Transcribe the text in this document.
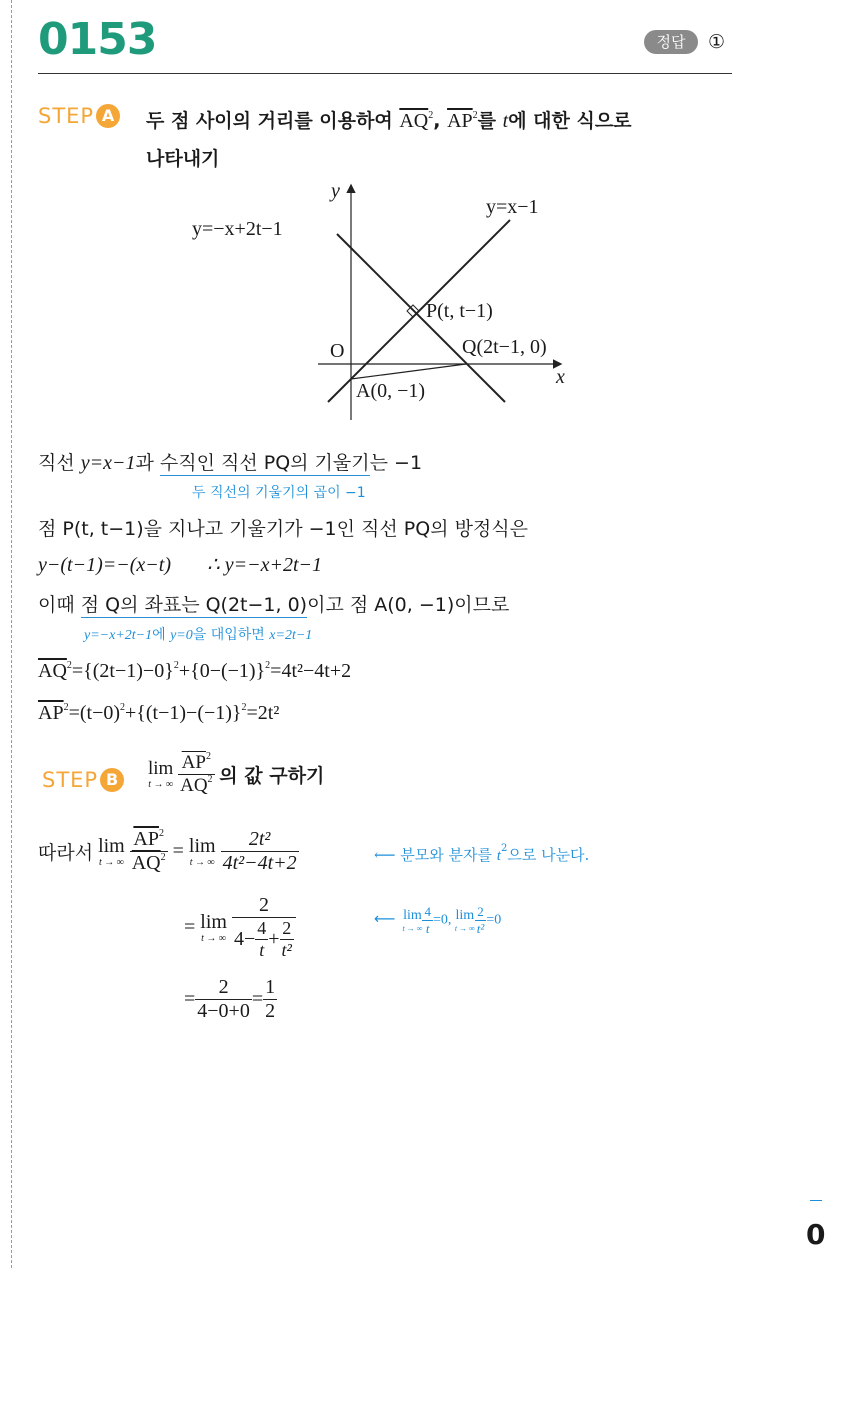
0153	정답	①
STEP A	두 점 사이의 거리를 이용하여 $\overline{AQ}^2$, $\overline{AP}^2$를 t에 대한 식으로
나타내기
y
x
O
y=x−1
y=−x+2t−1
P(t, t−1)
Q(2t−1, 0)
A(0, −1)
직선 y=x−1과 수직인 직선 PQ의 기울기는 −1
두 직선의 기울기의 곱이 −1
점 P(t, t−1)을 지나고 기울기가 −1인 직선 PQ의 방정식은
y−(t−1)=−(x−t) ∴ y=−x+2t−1
이때 점 Q의 좌표는 Q(2t−1, 0)이고 점 A(0, −1)이므로
y=−x+2t−1에 y=0을 대입하면 x=2t−1
$\overline{AQ}^2=\{(2t-1)-0\}^2+\{0-(-1)\}^2=4t^2-4t+2$
$\overline{AP}^2=(t-0)^2+\{(t-1)-(-1)\}^2=2t^2$
STEP B
lim
t → ∞
$\frac{\overline{AP}^2}{\overline{AQ}^2}$ 의 값 구하기
따라서 lim
t → ∞
$\frac{\overline{AP}^2}{\overline{AQ}^2} = \lim$
t → ∞
$\frac{\text{2t²}}{\text{4t²−4t+2}}$	⟵ 분모와 분자를 $t^2$으로 나눈다.
= lim
t → ∞
$\frac{2}{4- \frac{4}{t} + \frac{2}{\text{t²}}}$	⟵ lim
t → ∞ $\frac{4}{t} =0$, lim
t → ∞ $\frac{2}{\text{t²}} =0$
= $\frac{2}{4-0+0} = \frac{1}{2}$
0
